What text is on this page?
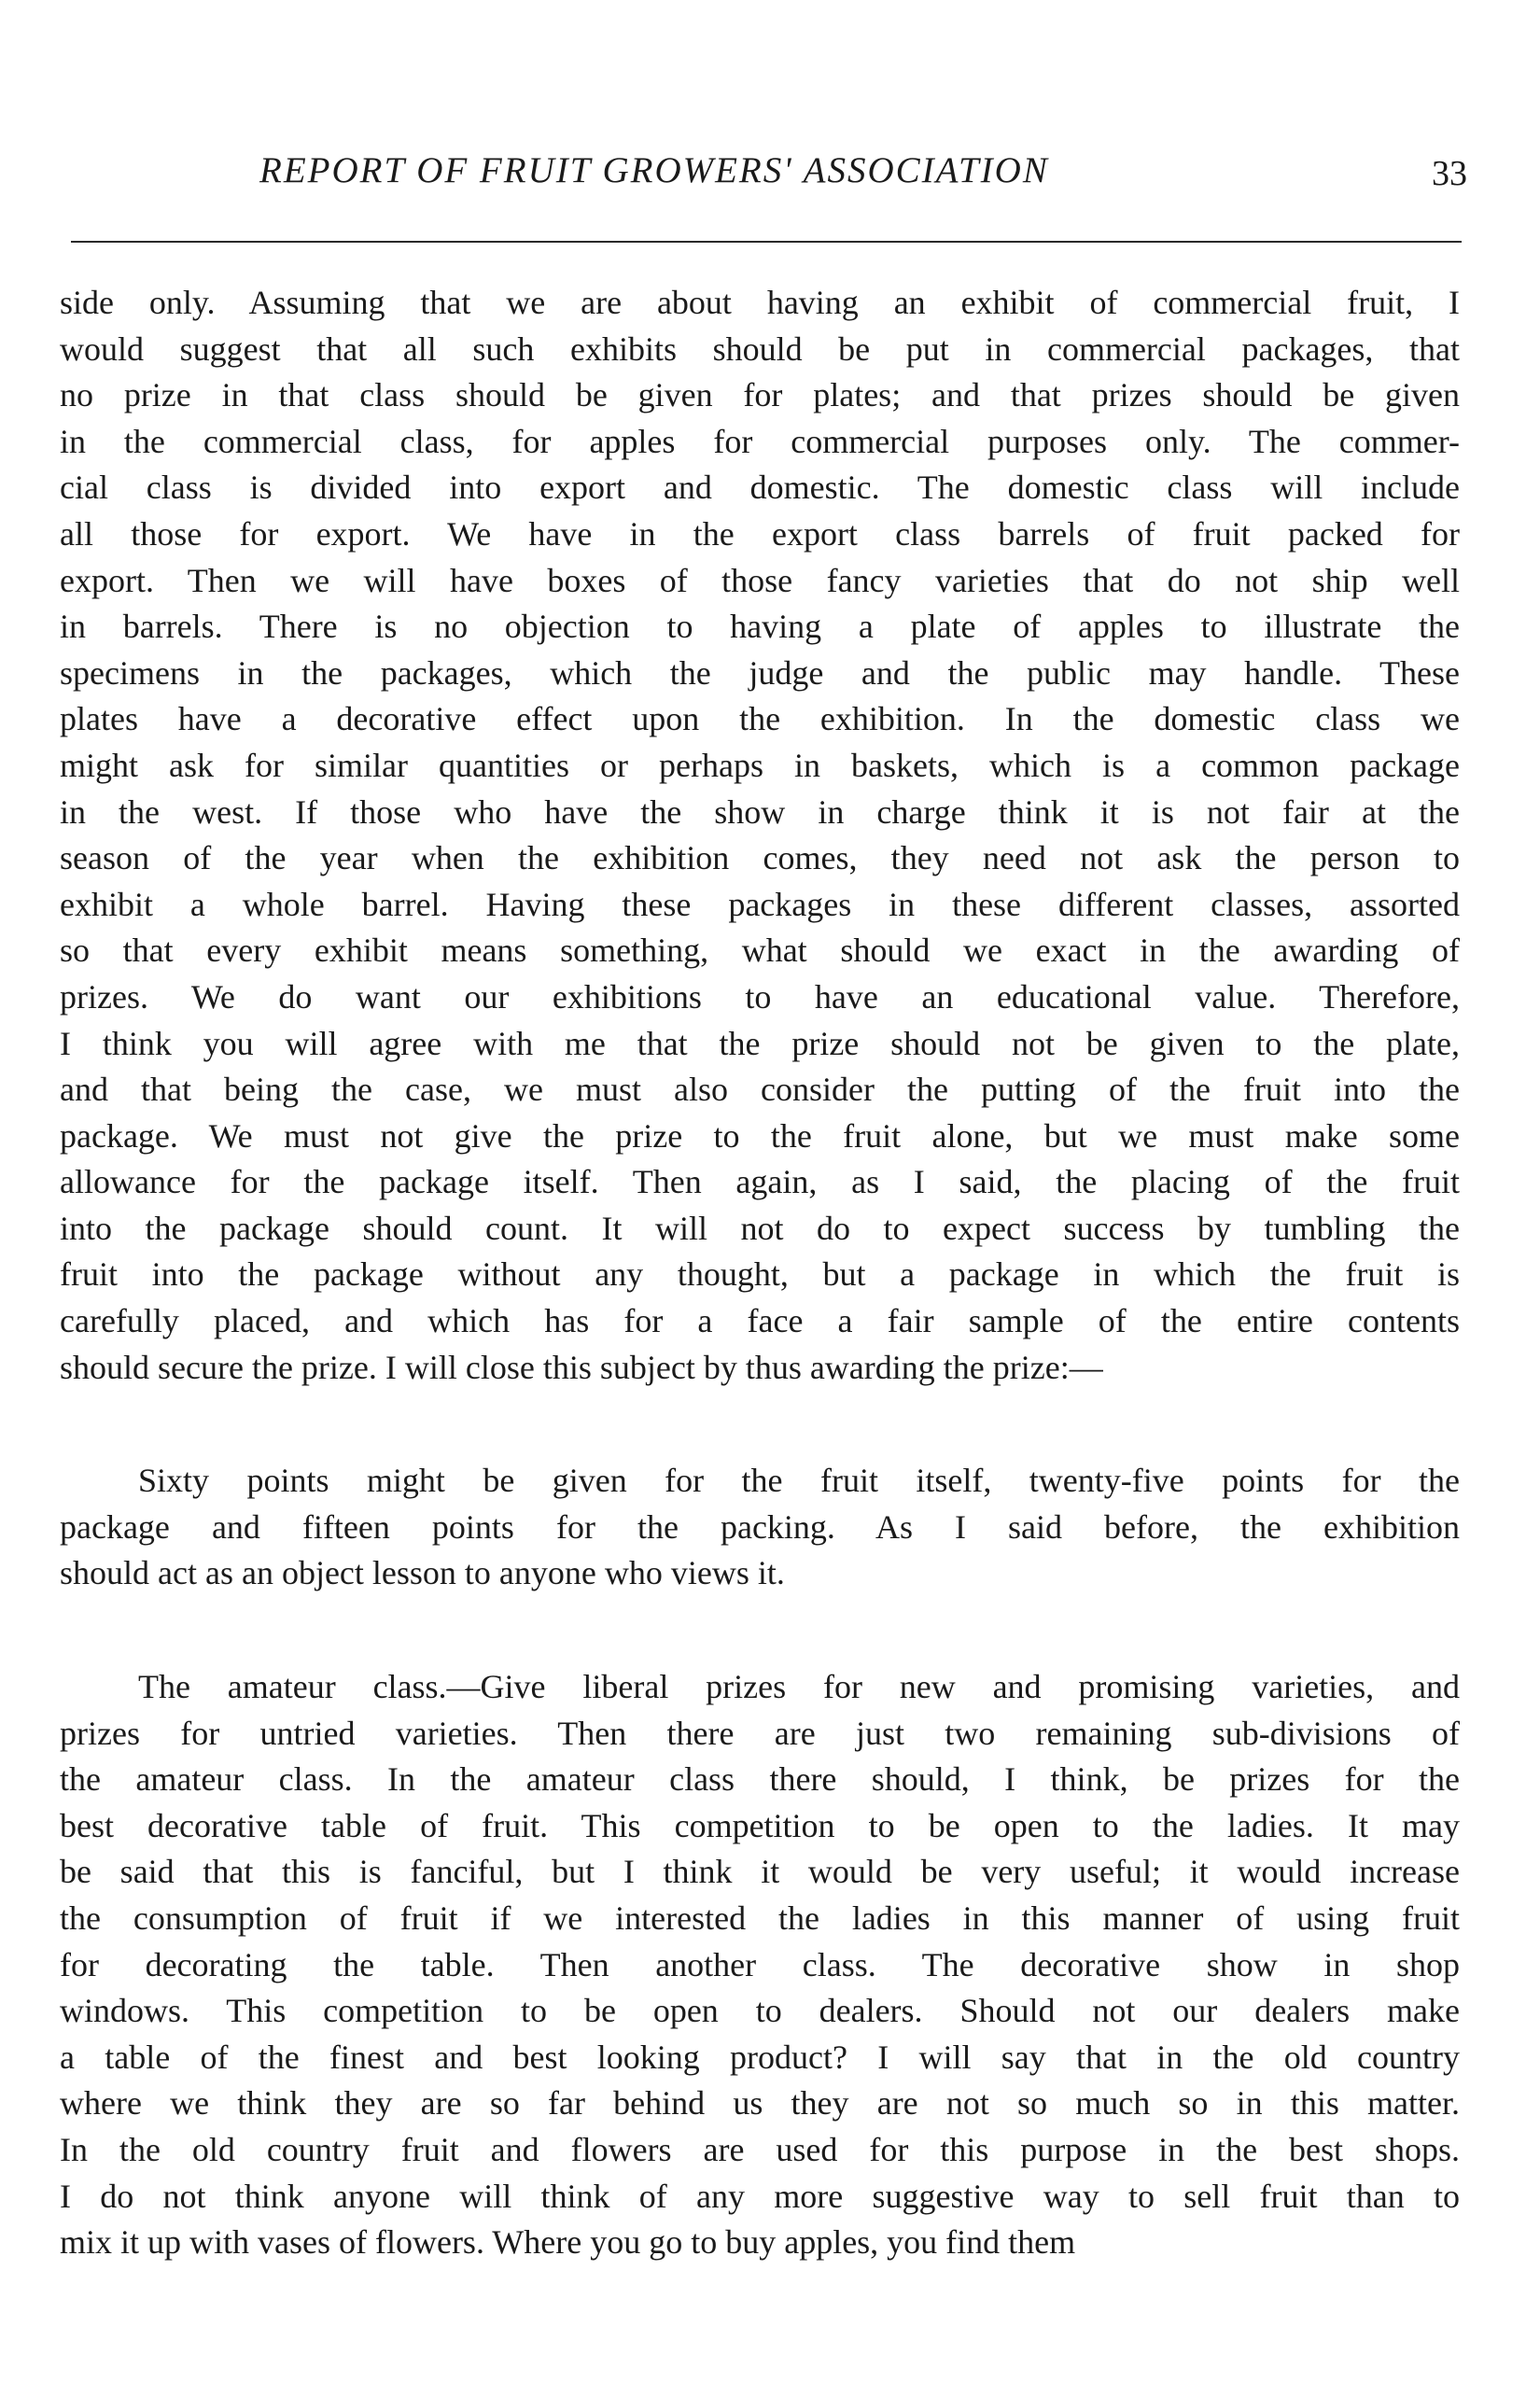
REPORT OF FRUIT GROWERS' ASSOCIATION	33
side only. Assuming that we are about having an exhibit of commercial fruit, I
would suggest that all such exhibits should be put in commercial packages, that
no prize in that class should be given for plates; and that prizes should be given
in the commercial class, for apples for commercial purposes only. The commer-
cial class is divided into export and domestic. The domestic class will include
all those for export. We have in the export class barrels of fruit packed for
export. Then we will have boxes of those fancy varieties that do not ship well
in barrels. There is no objection to having a plate of apples to illustrate the
specimens in the packages, which the judge and the public may handle. These
plates have a decorative effect upon the exhibition. In the domestic class we
might ask for similar quantities or perhaps in baskets, which is a common package
in the west. If those who have the show in charge think it is not fair at the
season of the year when the exhibition comes, they need not ask the person to
exhibit a whole barrel. Having these packages in these different classes, assorted
so that every exhibit means something, what should we exact in the awarding of
prizes. We do want our exhibitions to have an educational value. Therefore,
I think you will agree with me that the prize should not be given to the plate,
and that being the case, we must also consider the putting of the fruit into the
package. We must not give the prize to the fruit alone, but we must make some
allowance for the package itself. Then again, as I said, the placing of the fruit
into the package should count. It will not do to expect success by tumbling the
fruit into the package without any thought, but a package in which the fruit is
carefully placed, and which has for a face a fair sample of the entire contents
should secure the prize. I will close this subject by thus awarding the prize:—
Sixty points might be given for the fruit itself, twenty-five points for the
package and fifteen points for the packing. As I said before, the exhibition
should act as an object lesson to anyone who views it.
The amateur class.—Give liberal prizes for new and promising varieties, and
prizes for untried varieties. Then there are just two remaining sub-divisions of
the amateur class. In the amateur class there should, I think, be prizes for the
best decorative table of fruit. This competition to be open to the ladies. It may
be said that this is fanciful, but I think it would be very useful; it would increase
the consumption of fruit if we interested the ladies in this manner of using fruit
for decorating the table. Then another class. The decorative show in shop
windows. This competition to be open to dealers. Should not our dealers make
a table of the finest and best looking product? I will say that in the old country
where we think they are so far behind us they are not so much so in this matter.
In the old country fruit and flowers are used for this purpose in the best shops.
I do not think anyone will think of any more suggestive way to sell fruit than to
mix it up with vases of flowers. Where you go to buy apples, you find them
